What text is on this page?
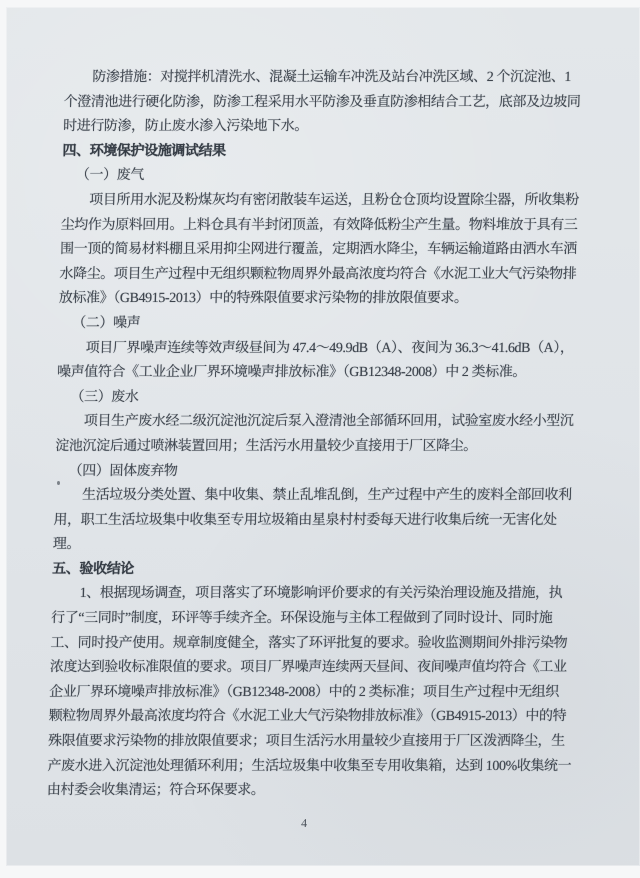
防渗措施：对搅拌机清洗水、混凝土运输车冲洗及站台冲洗区域、2 个沉淀池、1
个澄清池进行硬化防渗，防渗工程采用水平防渗及垂直防渗相结合工艺，底部及边坡同
时进行防渗，防止废水渗入污染地下水。
四、环境保护设施调试结果
（一）废气
项目所用水泥及粉煤灰均有密闭散装车运送，且粉仓仓顶均设置除尘器，所收集粉
尘均作为原料回用。上料仓具有半封闭顶盖，有效降低粉尘产生量。物料堆放于具有三
围一顶的简易材料棚且采用抑尘网进行覆盖，定期洒水降尘，车辆运输道路由洒水车洒
水降尘。项目生产过程中无组织颗粒物周界外最高浓度均符合《水泥工业大气污染物排
放标准》（GB4915-2013）中的特殊限值要求污染物的排放限值要求。
（二）噪声
项目厂界噪声连续等效声级昼间为 47.4～49.9dB（A）、夜间为 36.3～41.6dB（A），
噪声值符合《工业企业厂界环境噪声排放标准》（GB12348-2008）中 2 类标准。
（三）废水
项目生产废水经二级沉淀池沉淀后泵入澄清池全部循环回用，试验室废水经小型沉
淀池沉淀后通过喷淋装置回用；生活污水用量较少直接用于厂区降尘。
（四）固体废弃物
生活垃圾分类处置、集中收集、禁止乱堆乱倒，生产过程中产生的废料全部回收利
用，职工生活垃圾集中收集至专用垃圾箱由星泉村村委每天进行收集后统一无害化处
理。
五、验收结论
1、根据现场调查，项目落实了环境影响评价要求的有关污染治理设施及措施，执
行了“三同时”制度，环评等手续齐全。环保设施与主体工程做到了同时设计、同时施
工、同时投产使用。规章制度健全，落实了环评批复的要求。验收监测期间外排污染物
浓度达到验收标准限值的要求。项目厂界噪声连续两天昼间、夜间噪声值均符合《工业
企业厂界环境噪声排放标准》（GB12348-2008）中的 2 类标准；项目生产过程中无组织
颗粒物周界外最高浓度均符合《水泥工业大气污染物排放标准》（GB4915-2013）中的特
殊限值要求污染物的排放限值要求；项目生活污水用量较少直接用于厂区泼洒降尘，生
产废水进入沉淀池处理循环利用；生活垃圾集中收集至专用收集箱，达到 100%收集统一
由村委会收集清运；符合环保要求。
4
